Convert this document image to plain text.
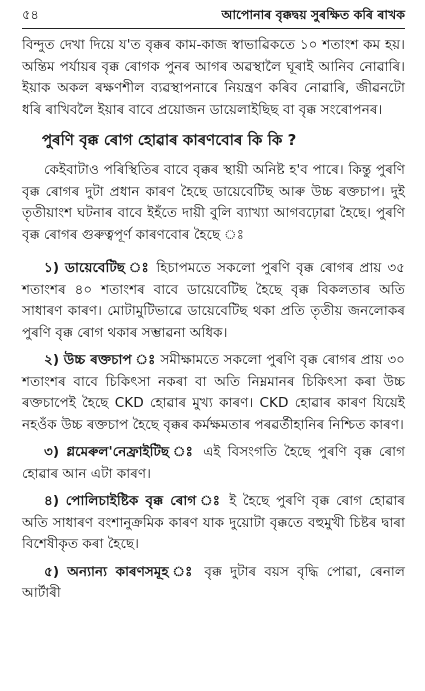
৫৪	আপোনাৰ বৃক্কদ্বয় সুৰক্ষিত কৰি ৰাখক

বিন্দুত দেখা দিয়ে য'ত বৃক্কৰ কাম-কাজ স্বাভাৱিকতে ১০ শতাংশ কম হয়। অন্তিম পৰ্যায়ৰ বৃক্ক ৰোগক পুনৰ আগৰ অৱস্থালৈ ঘূৰাই আনিব নোৱাৰি। ইয়াক অকল ৰক্ষণশীল ব্যৱস্থাপনাৰে নিয়ন্ত্ৰণ কৰিব নোৱাৰি, জীৱনটো ধৰি ৰাখিবলৈ ইয়াৰ বাবে প্ৰয়োজন ডায়েলাইছিছ বা বৃক্ক সংৰোপনৰ।

পুৰণি বৃক্ক ৰোগ হোৱাৰ কাৰণবোৰ কি কি ?

কেইবাটাও পৰিস্থিতিৰ বাবে বৃক্কৰ স্থায়ী অনিষ্ট হ'ব পাৰে। কিন্তু পুৰণি বৃক্ক ৰোগৰ দুটা প্ৰধান কাৰণ হৈছে ডায়েবেটিছ আৰু উচ্চ ৰক্তচাপ। দুই তৃতীয়াংশ ঘটনাৰ বাবে ইহঁতে দায়ী বুলি ব্যাখ্যা আগবঢ়োৱা হৈছে। পুৰণি বৃক্ক ৰোগৰ গুৰুত্বপূৰ্ণ কাৰণবোৰ হৈছে ঃ

১) ডায়েবেটিছ ঃ হিচাপমতে সকলো পুৰণি বৃক্ক ৰোগৰ প্ৰায় ৩৫ শতাংশৰ ৪০ শতাংশৰ বাবে ডায়েবেটিছ হৈছে বৃক্ক বিকলতাৰ অতি সাধাৰণ কাৰণ। মোটামুটিভাৱে ডায়েবেটিছ থকা প্ৰতি তৃতীয় জনলোকৰ পুৰণি বৃক্ক ৰোগ থকাৰ সম্ভাৱনা অধিক।

২) উচ্চ ৰক্তচাপ ঃ সমীক্ষামতে সকলো পুৰণি বৃক্ক ৰোগৰ প্ৰায় ৩০ শতাংশৰ বাবে চিকিৎসা নকৰা বা অতি নিম্নমানৰ চিকিৎসা কৰা উচ্চ ৰক্তচাপেই হৈছে CKD হোৱাৰ মুখ্য কাৰণ। CKD হোৱাৰ কাৰণ যিয়েই নহওঁক উচ্চ ৰক্তচাপ হৈছে বৃক্কৰ কৰ্মক্ষমতাৰ পৰৱৰ্তীহানিৰ নিশ্চিত কাৰণ।

৩) গ্লমেৰুল'নেফ্ৰাইটিছ ঃ এই বিসংগতি হৈছে পুৰণি বৃক্ক ৰোগ হোৱাৰ আন এটা কাৰণ।

৪) পোলিচাইষ্টিক বৃক্ক ৰোগ ঃ ই হৈছে পুৰণি বৃক্ক ৰোগ হোৱাৰ অতি সাধাৰণ বংশানুক্ৰমিক কাৰণ যাক দুয়োটা বৃক্কতে বহুমুখী চিষ্টৰ দ্বাৰা বিশেষীকৃত কৰা হৈছে।

৫) অন্যান্য কাৰণসমূহ ঃ বৃক্ক দুটাৰ বয়স বৃদ্ধি পোৱা, ৰেনাল আৰ্টাৰী
